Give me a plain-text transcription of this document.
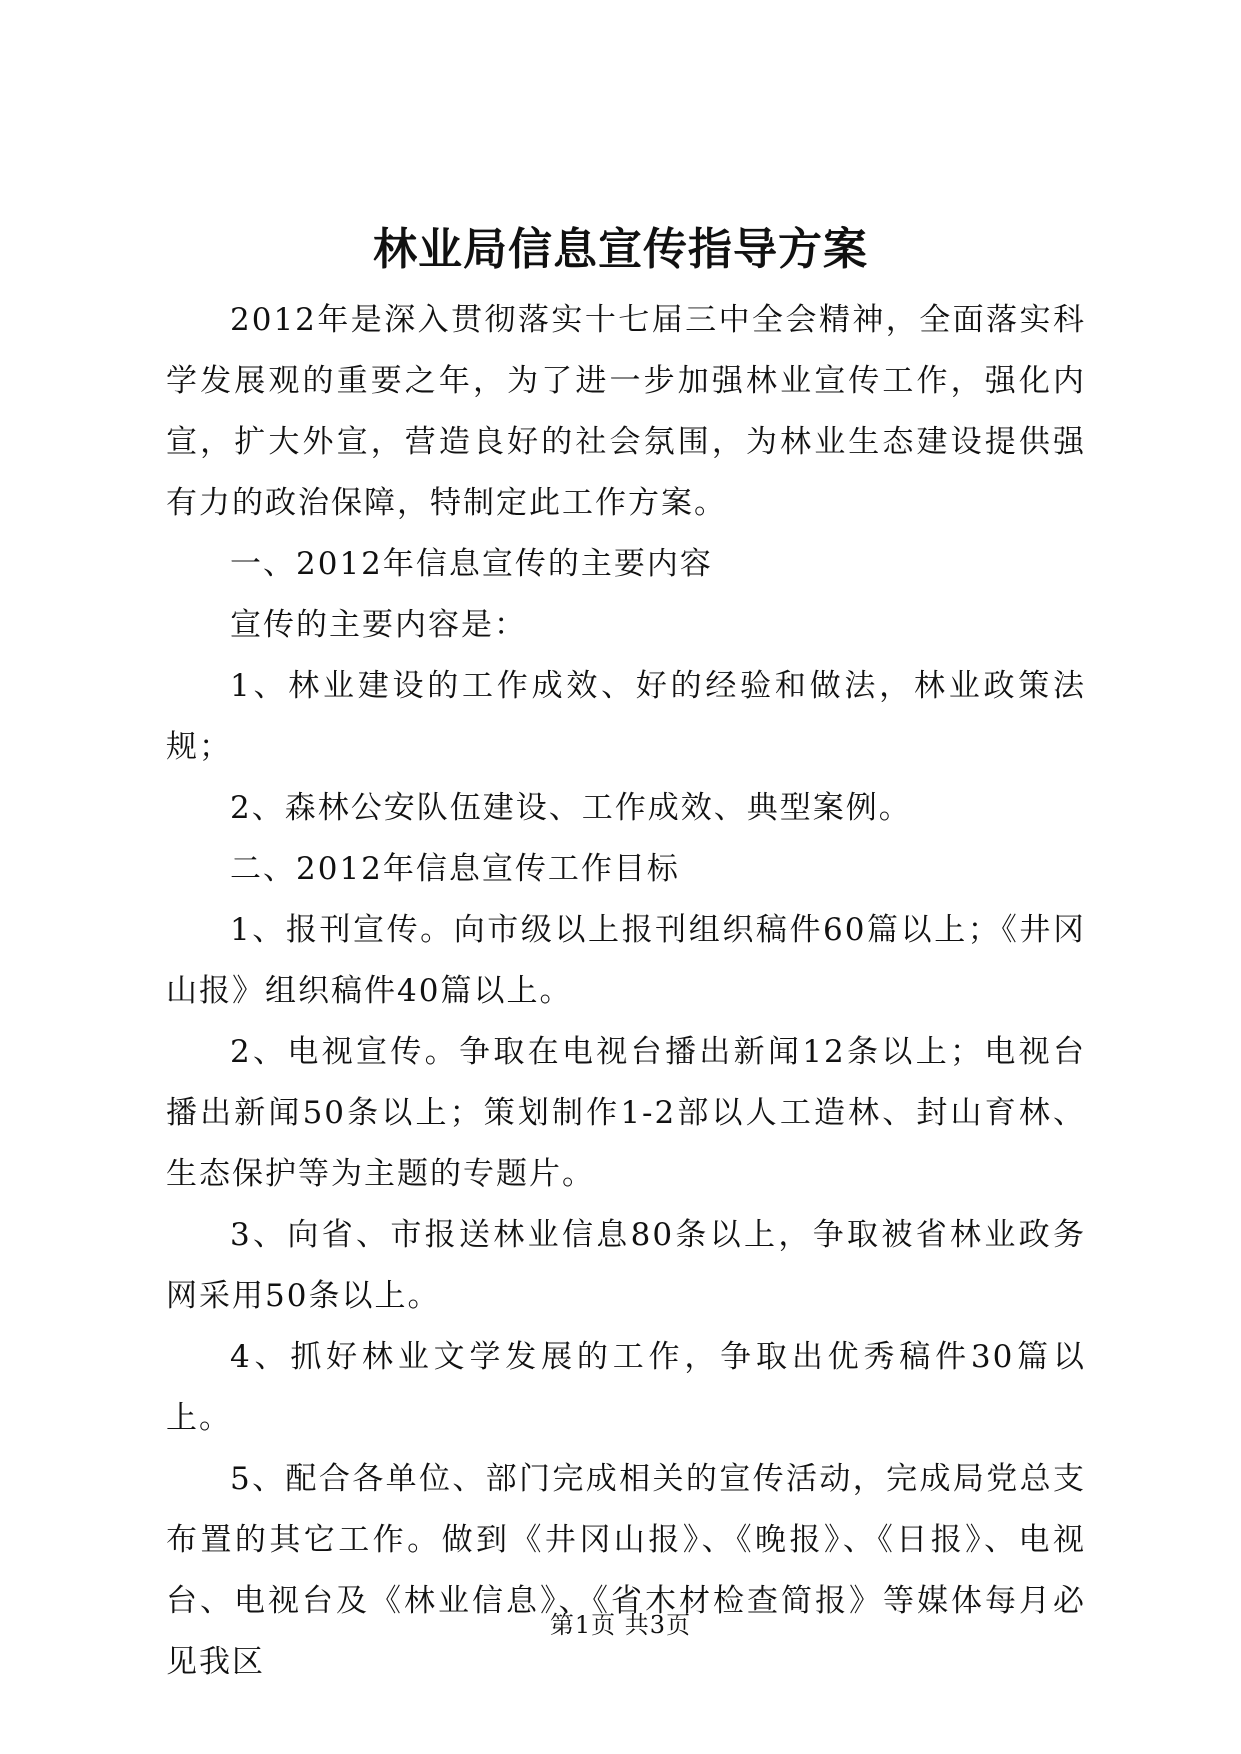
林业局信息宣传指导方案

2012年是深入贯彻落实十七届三中全会精神，全面落实科学发展观的重要之年，为了进一步加强林业宣传工作，强化内宣，扩大外宣，营造良好的社会氛围，为林业生态建设提供强有力的政治保障，特制定此工作方案。

一、2012年信息宣传的主要内容

宣传的主要内容是：

1、林业建设的工作成效、好的经验和做法，林业政策法规；

2、森林公安队伍建设、工作成效、典型案例。

二、2012年信息宣传工作目标

1、报刊宣传。向市级以上报刊组织稿件60篇以上；《井冈山报》组织稿件40篇以上。

2、电视宣传。争取在电视台播出新闻12条以上；电视台播出新闻50条以上；策划制作1-2部以人工造林、封山育林、生态保护等为主题的专题片。

3、向省、市报送林业信息80条以上，争取被省林业政务网采用50条以上。

4、抓好林业文学发展的工作，争取出优秀稿件30篇以上。

5、配合各单位、部门完成相关的宣传活动，完成局党总支布置的其它工作。做到《井冈山报》、《晚报》、《日报》、电视台、电视台及《林业信息》、《省木材检查简报》等媒体每月必见我区

第1页 共3页
